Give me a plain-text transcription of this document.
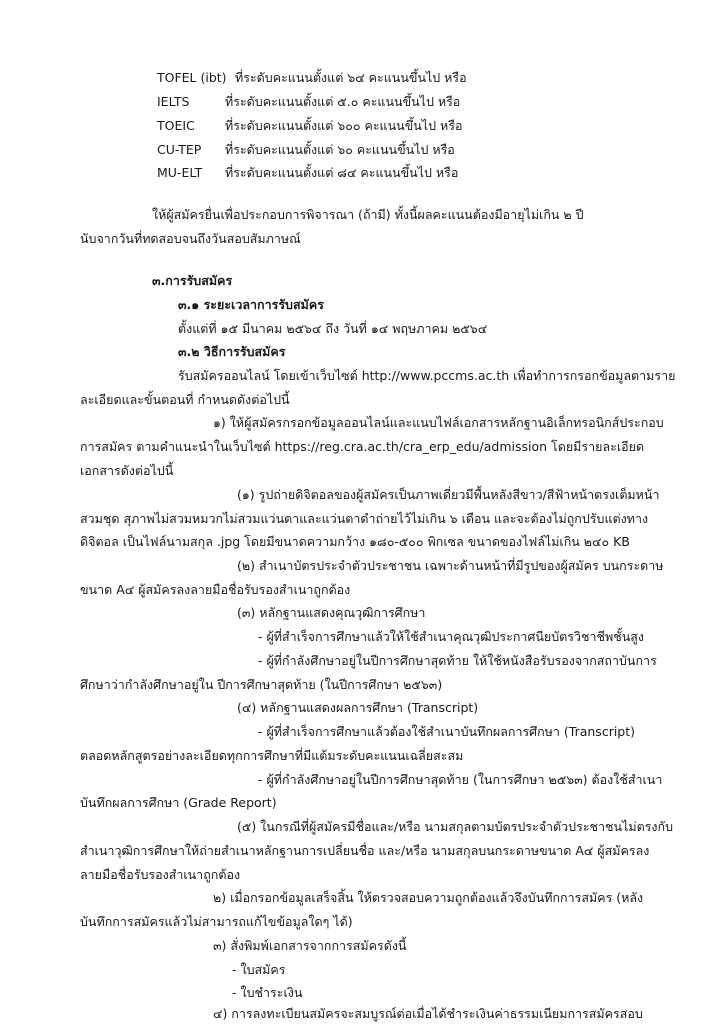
TOFEL (ibt) ที่ระดับคะแนนตั้งแต่ ๖๔ คะแนนขึ้นไป หรือ
IELTS	ที่ระดับคะแนนตั้งแต่ ๕.๐ คะแนนขึ้นไป หรือ
TOEIC ที่ระดับคะแนนตั้งแต่ ๖๐๐ คะแนนขึ้นไป หรือ
CU-TEP ที่ระดับคะแนนตั้งแต่ ๖๐ คะแนนขึ้นไป หรือ
MU-ELT ที่ระดับคะแนนตั้งแต่ ๘๔ คะแนนขึ้นไป หรือ
ให้ผู้สมัครยื่นเพื่อประกอบการพิจารณา (ถ้ามี) ทั้งนี้ผลคะแนนต้องมีอายุไม่เกิน ๒ ปี
นับจากวันที่ทดสอบจนถึงวันสอบสัมภาษณ์
๓.การรับสมัคร
๓.๑ ระยะเวลาการรับสมัคร
ตั้งแต่ที่ ๑๕ มีนาคม ๒๕๖๔ ถึง วันที่ ๑๔ พฤษภาคม ๒๕๖๔
๓.๒ วิธีการรับสมัคร
รับสมัครออนไลน์ โดยเข้าเว็บไซต์ http://www.pccms.ac.th เพื่อทำการกรอกข้อมูลตามราย
ละเอียดและขั้นตอนที่ กำหนดดังต่อไปนี้
๑) ให้ผู้สมัครกรอกข้อมูลออนไลน์และแนบไฟล์เอกสารหลักฐานอิเล็กทรอนิกส์ประกอบ
การสมัคร ตามคำแนะนำในเว็บไซต์ https://reg.cra.ac.th/cra_erp_edu/admission โดยมีรายละเอียด
เอกสารดังต่อไปนี้
(๑) รูปถ่ายดิจิตอลของผู้สมัครเป็นภาพเดี่ยวมีพื้นหลังสีขาว/สีฟ้าหน้าตรงเต็มหน้า
สวมชุด สุภาพไม่สวมหมวกไม่สวมแว่นตาและแว่นตาดำถ่ายไว้ไม่เกิน ๖ เดือน และจะต้องไม่ถูกปรับแต่งทาง
ดิจิตอล เป็นไฟล์นามสกุล .jpg โดยมีขนาดความกว้าง ๑๘๐-๕๐๐ พิกเซล ขนาดของไฟล์ไม่เกิน ๒๔๐ KB
(๒) สำเนาบัตรประจำตัวประชาชน เฉพาะด้านหน้าที่มีรูปของผู้สมัคร บนกระดาษ
ขนาด A๔ ผู้สมัครลงลายมือชื่อรับรองสำเนาถูกต้อง
(๓) หลักฐานแสดงคุณวุฒิการศึกษา
- ผู้ที่สำเร็จการศึกษาแล้วให้ใช้สำเนาคุณวุฒิประกาศนียบัตรวิชาชีพชั้นสูง
- ผู้ที่กำลังศึกษาอยู่ในปีการศึกษาสุดท้าย ให้ใช้หนังสือรับรองจากสถาบันการ
ศึกษาว่ากำลังศึกษาอยู่ใน ปีการศึกษาสุดท้าย (ในปีการศึกษา ๒๕๖๓)
(๔) หลักฐานแสดงผลการศึกษา (Transcript)
- ผู้ที่สำเร็จการศึกษาแล้วต้องใช้สำเนาบันทึกผลการศึกษา (Transcript)
ตลอดหลักสูตรอย่างละเอียดทุกการศึกษาที่มีแต้มระดับคะแนนเฉลี่ยสะสม
- ผู้ที่กำลังศึกษาอยู่ในปีการศึกษาสุดท้าย (ในการศึกษา ๒๕๖๓) ต้องใช้สำเนา
บันทึกผลการศึกษา (Grade Report)
(๕) ในกรณีที่ผู้สมัครมีชื่อและ/หรือ นามสกุลตามบัตรประจำตัวประชาชนไม่ตรงกับ
สำเนาวุฒิการศึกษาให้ถ่ายสำเนาหลักฐานการเปลี่ยนชื่อ และ/หรือ นามสกุลบนกระดาษขนาด A๔ ผู้สมัครลง
ลายมือชื่อรับรองสำเนาถูกต้อง
๒) เมื่อกรอกข้อมูลเสร็จสิ้น ให้ตรวจสอบความถูกต้องแล้วจึงบันทึกการสมัคร (หลัง
บันทึกการสมัครแล้วไม่สามารถแก้ไขข้อมูลใดๆ ได้)
๓) สั่งพิมพ์เอกสารจากการสมัครดังนี้
- ใบสมัคร
- ใบชำระเงิน
๔) การลงทะเบียนสมัครจะสมบูรณ์ต่อเมื่อได้ชำระเงินค่าธรรมเนียมการสมัครสอบ
